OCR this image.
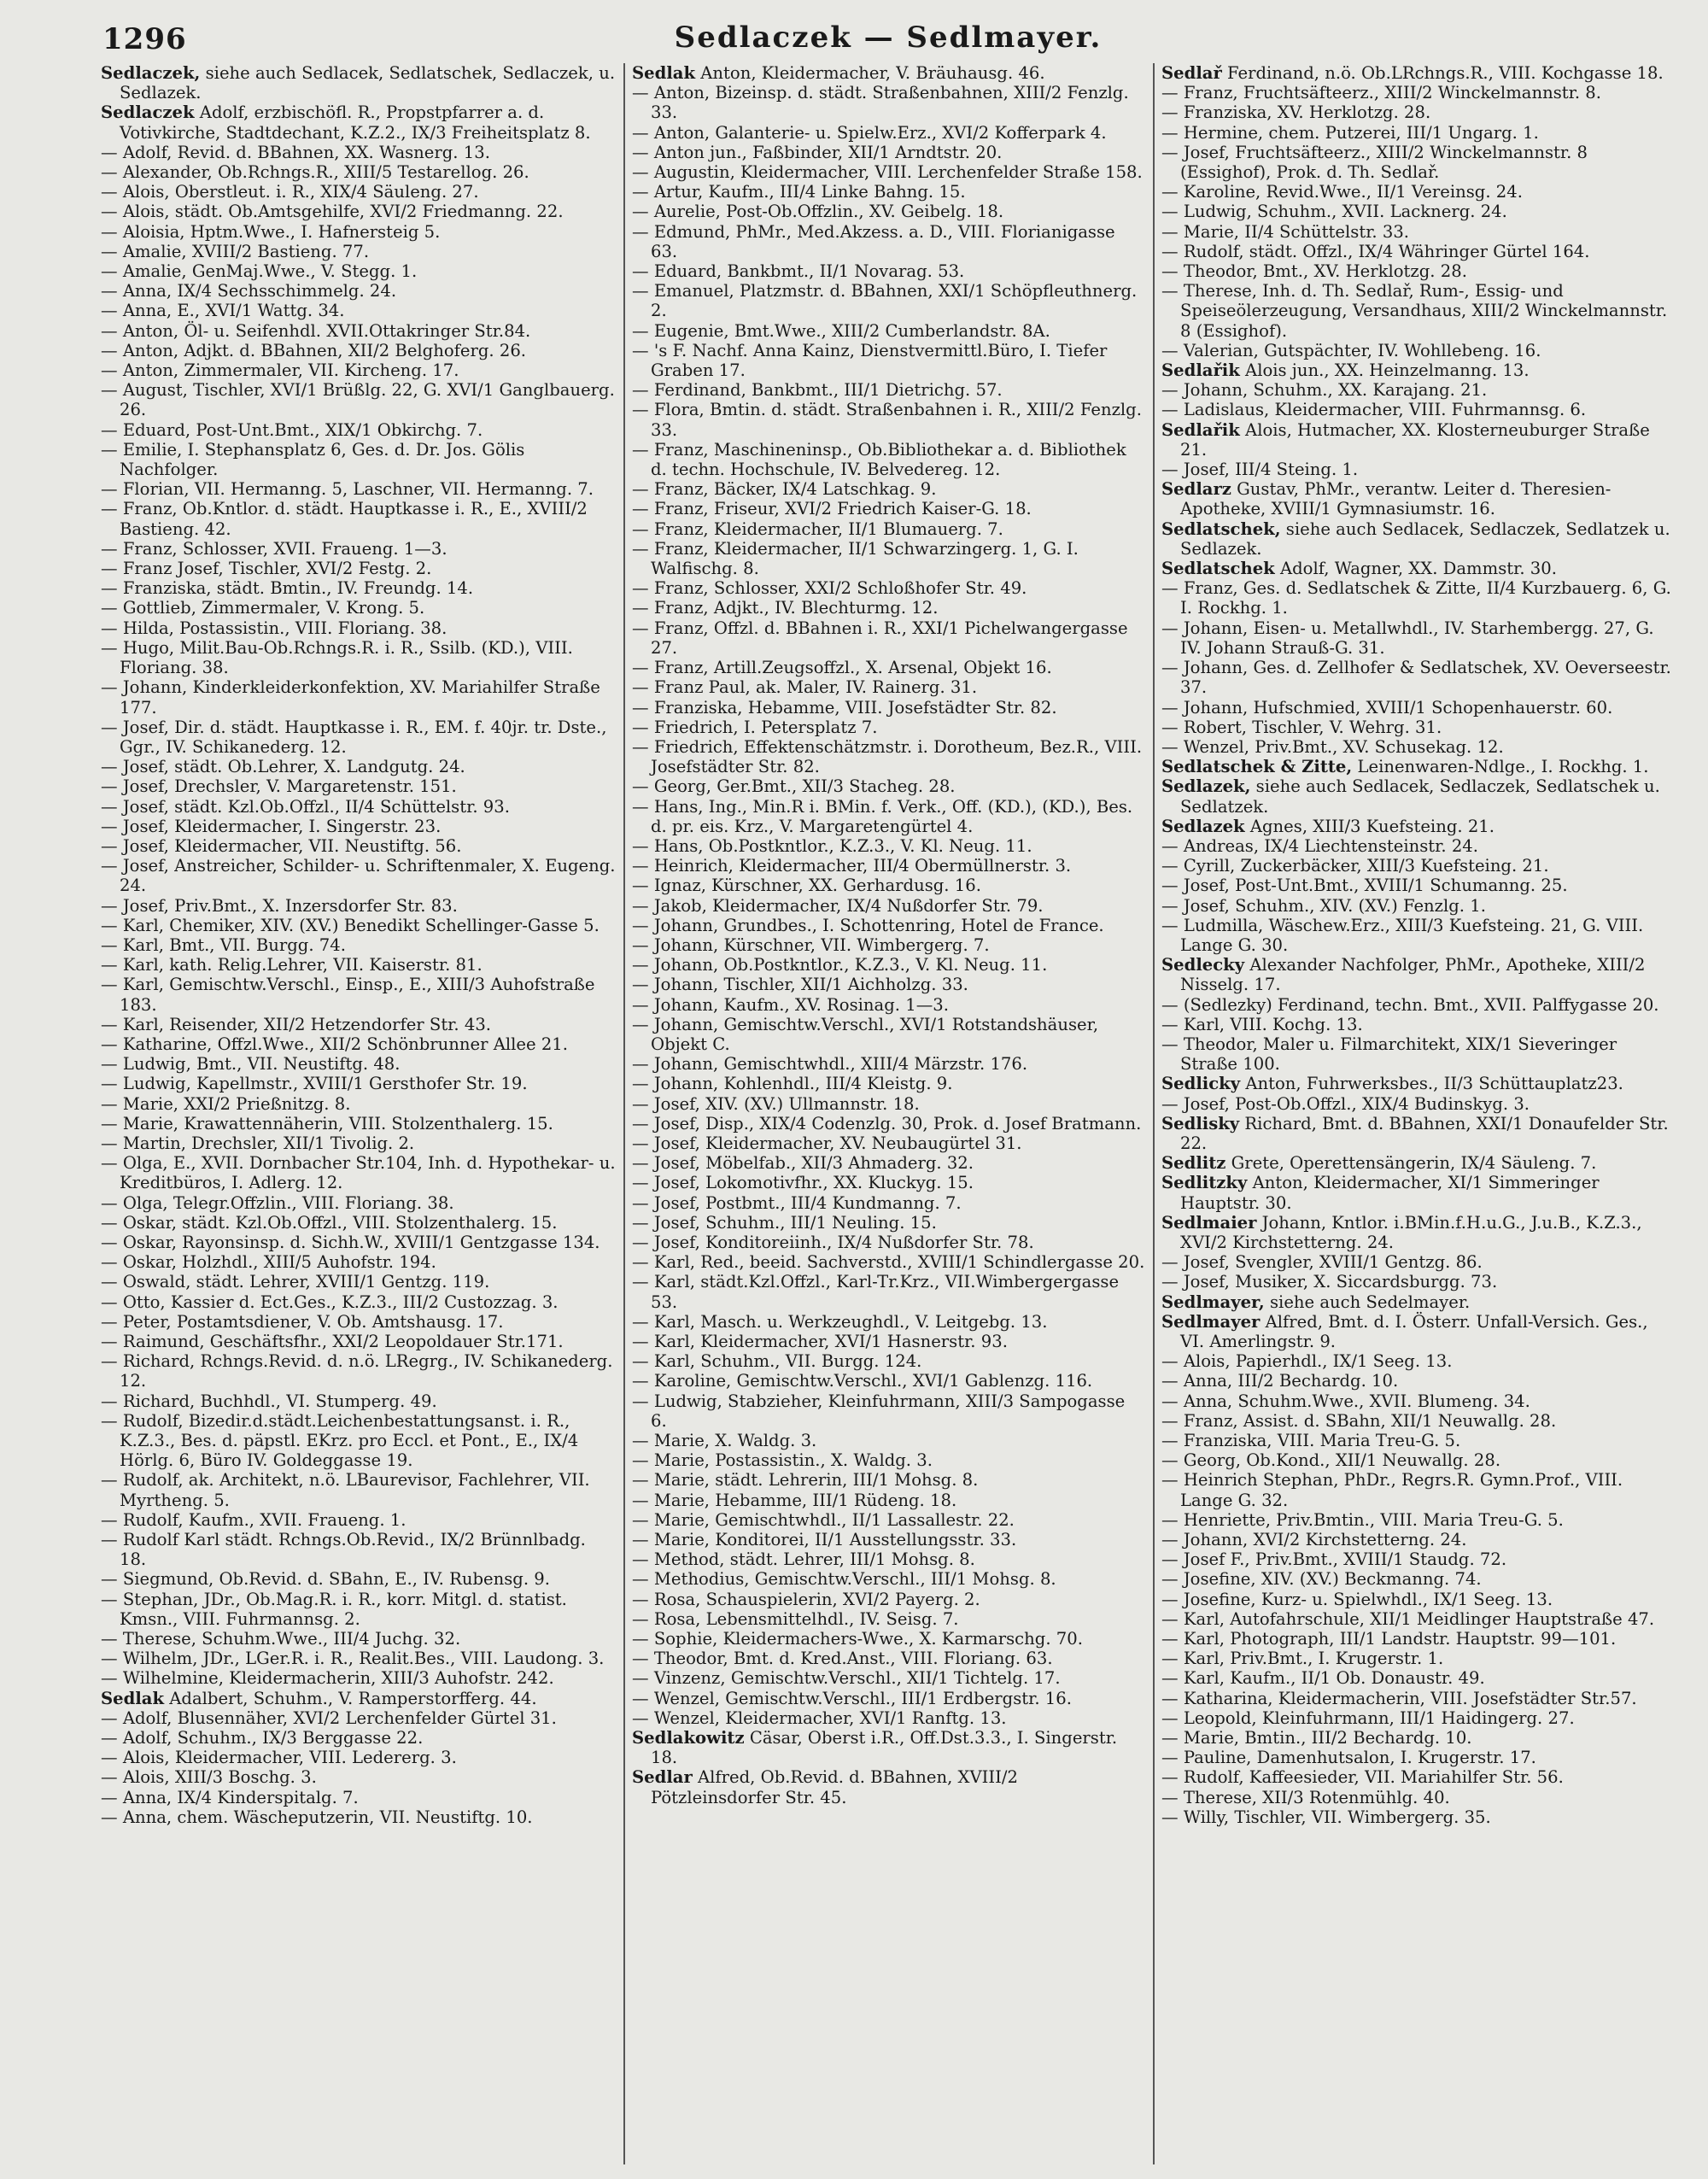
1296	Sedlaczek — Sedlmayer.

Sedlaczek, siehe auch Sedlacek, Sedlatschek, Sedlaczek, u. Sedlazek.

Sedlaczek Adolf, erzbischöfl. R., Propstpfarrer a. d. Votivkirche, Stadtdechant, K.Z.2., IX/3 Freiheitsplatz 8.

— Adolf, Revid. d. BBahnen, XX. Wasnerg. 13.

— Alexander, Ob.Rchngs.R., XIII/5 Testarellog. 26.

— Alois, Oberstleut. i. R., XIX/4 Säuleng. 27.

— Alois, städt. Ob.Amtsgehilfe, XVI/2 Friedmanng. 22.

— Aloisia, Hptm.Wwe., I. Hafnersteig 5.

— Amalie, XVIII/2 Bastieng. 77.

— Amalie, GenMaj.Wwe., V. Stegg. 1.

— Anna, IX/4 Sechsschimmelg. 24.

— Anna, E., XVI/1 Wattg. 34.

— Anton, Öl- u. Seifenhdl. XVII.Ottakringer Str.84.

— Anton, Adjkt. d. BBahnen, XII/2 Belghoferg. 26.

— Anton, Zimmermaler, VII. Kircheng. 17.

— August, Tischler, XVI/1 Brüßlg. 22, G. XVI/1 Ganglbauerg. 26.

— Eduard, Post-Unt.Bmt., XIX/1 Obkirchg. 7.

— Emilie, I. Stephansplatz 6, Ges. d. Dr. Jos. Gölis Nachfolger.

— Florian, VII. Hermanng. 5, Laschner, VII. Hermanng. 7.

— Franz, Ob.Kntlor. d. städt. Hauptkasse i. R., E., XVIII/2 Bastieng. 42.

— Franz, Schlosser, XVII. Fraueng. 1—3.

— Franz Josef, Tischler, XVI/2 Festg. 2.

— Franziska, städt. Bmtin., IV. Freundg. 14.

— Gottlieb, Zimmermaler, V. Krong. 5.

— Hilda, Postassistin., VIII. Floriang. 38.

— Hugo, Milit.Bau-Ob.Rchngs.R. i. R., Ssilb. (KD.), VIII. Floriang. 38.

— Johann, Kinderkleiderkonfektion, XV. Mariahilfer Straße 177.

— Josef, Dir. d. städt. Hauptkasse i. R., EM. f. 40jr. tr. Dste., Ggr., IV. Schikanederg. 12.

— Josef, städt. Ob.Lehrer, X. Landgutg. 24.

— Josef, Drechsler, V. Margaretenstr. 151.

— Josef, städt. Kzl.Ob.Offzl., II/4 Schüttelstr. 93.

— Josef, Kleidermacher, I. Singerstr. 23.

— Josef, Kleidermacher, VII. Neustiftg. 56.

— Josef, Anstreicher, Schilder- u. Schriftenmaler, X. Eugeng. 24.

— Josef, Priv.Bmt., X. Inzersdorfer Str. 83.

— Karl, Chemiker, XIV. (XV.) Benedikt Schellinger-Gasse 5.

— Karl, Bmt., VII. Burgg. 74.

— Karl, kath. Relig.Lehrer, VII. Kaiserstr. 81.

— Karl, Gemischtw.Verschl., Einsp., E., XIII/3 Auhofstraße 183.

— Karl, Reisender, XII/2 Hetzendorfer Str. 43.

— Katharine, Offzl.Wwe., XII/2 Schönbrunner Allee 21.

— Ludwig, Bmt., VII. Neustiftg. 48.

— Ludwig, Kapellmstr., XVIII/1 Gersthofer Str. 19.

— Marie, XXI/2 Prießnitzg. 8.

— Marie, Krawattennäherin, VIII. Stolzenthalerg. 15.

— Martin, Drechsler, XII/1 Tivolig. 2.

— Olga, E., XVII. Dornbacher Str.104, Inh. d. Hypothekar- u. Kreditbüros, I. Adlerg. 12.

— Olga, Telegr.Offzlin., VIII. Floriang. 38.

— Oskar, städt. Kzl.Ob.Offzl., VIII. Stolzenthalerg. 15.

— Oskar, Rayonsinsp. d. Sichh.W., XVIII/1 Gentzgasse 134.

— Oskar, Holzhdl., XIII/5 Auhofstr. 194.

— Oswald, städt. Lehrer, XVIII/1 Gentzg. 119.

— Otto, Kassier d. Ect.Ges., K.Z.3., III/2 Custozzag. 3.

— Peter, Postamtsdiener, V. Ob. Amtshausg. 17.

— Raimund, Geschäftsfhr., XXI/2 Leopoldauer Str.171.

— Richard, Rchngs.Revid. d. n.ö. LRegrg., IV. Schikanederg. 12.

— Richard, Buchhdl., VI. Stumperg. 49.

— Rudolf, Bizedir.d.städt.Leichenbestattungsanst. i. R., K.Z.3., Bes. d. päpstl. EKrz. pro Eccl. et Pont., E., IX/4 Hörlg. 6, Büro IV. Goldeggasse 19.

— Rudolf, ak. Architekt, n.ö. LBaurevisor, Fachlehrer, VII. Myrtheng. 5.

— Rudolf, Kaufm., XVII. Fraueng. 1.

— Rudolf Karl städt. Rchngs.Ob.Revid., IX/2 Brünnlbadg. 18.

— Siegmund, Ob.Revid. d. SBahn, E., IV. Rubensg. 9.

— Stephan, JDr., Ob.Mag.R. i. R., korr. Mitgl. d. statist. Kmsn., VIII. Fuhrmannsg. 2.

— Therese, Schuhm.Wwe., III/4 Juchg. 32.

— Wilhelm, JDr., LGer.R. i. R., Realit.Bes., VIII. Laudong. 3.

— Wilhelmine, Kleidermacherin, XIII/3 Auhofstr. 242.

Sedlak Adalbert, Schuhm., V. Ramperstorfferg. 44.

— Adolf, Blusennäher, XVI/2 Lerchenfelder Gürtel 31.

— Adolf, Schuhm., IX/3 Berggasse 22.

— Alois, Kleidermacher, VIII. Ledererg. 3.

— Alois, XIII/3 Boschg. 3.

— Anna, IX/4 Kinderspitalg. 7.

— Anna, chem. Wäscheputzerin, VII. Neustiftg. 10.

Sedlak Anton, Kleidermacher, V. Bräuhausg. 46.

— Anton, Bizeinsp. d. städt. Straßenbahnen, XIII/2 Fenzlg. 33.

— Anton, Galanterie- u. Spielw.Erz., XVI/2 Kofferpark 4.

— Anton jun., Faßbinder, XII/1 Arndtstr. 20.

— Augustin, Kleidermacher, VIII. Lerchenfelder Straße 158.

— Artur, Kaufm., III/4 Linke Bahng. 15.

— Aurelie, Post-Ob.Offzlin., XV. Geibelg. 18.

— Edmund, PhMr., Med.Akzess. a. D., VIII. Florianigasse 63.

— Eduard, Bankbmt., II/1 Novarag. 53.

— Emanuel, Platzmstr. d. BBahnen, XXI/1 Schöpfleuthnerg. 2.

— Eugenie, Bmt.Wwe., XIII/2 Cumberlandstr. 8A.

— 's F. Nachf. Anna Kainz, Dienstvermittl.Büro, I. Tiefer Graben 17.

— Ferdinand, Bankbmt., III/1 Dietrichg. 57.

— Flora, Bmtin. d. städt. Straßenbahnen i. R., XIII/2 Fenzlg. 33.

— Franz, Maschineninsp., Ob.Bibliothekar a. d. Bibliothek d. techn. Hochschule, IV. Belvedereg. 12.

— Franz, Bäcker, IX/4 Latschkag. 9.

— Franz, Friseur, XVI/2 Friedrich Kaiser-G. 18.

— Franz, Kleidermacher, II/1 Blumauerg. 7.

— Franz, Kleidermacher, II/1 Schwarzingerg. 1, G. I. Walfischg. 8.

— Franz, Schlosser, XXI/2 Schloßhofer Str. 49.

— Franz, Adjkt., IV. Blechturmg. 12.

— Franz, Offzl. d. BBahnen i. R., XXI/1 Pichelwangergasse 27.

— Franz, Artill.Zeugsoffzl., X. Arsenal, Objekt 16.

— Franz Paul, ak. Maler, IV. Rainerg. 31.

— Franziska, Hebamme, VIII. Josefstädter Str. 82.

— Friedrich, I. Petersplatz 7.

— Friedrich, Effektenschätzmstr. i. Dorotheum, Bez.R., VIII. Josefstädter Str. 82.

— Georg, Ger.Bmt., XII/3 Stacheg. 28.

— Hans, Ing., Min.R i. BMin. f. Verk., Off. (KD.), (KD.), Bes. d. pr. eis. Krz., V. Margaretengürtel 4.

— Hans, Ob.Postkntlor., K.Z.3., V. Kl. Neug. 11.

— Heinrich, Kleidermacher, III/4 Obermüllnerstr. 3.

— Ignaz, Kürschner, XX. Gerhardusg. 16.

— Jakob, Kleidermacher, IX/4 Nußdorfer Str. 79.

— Johann, Grundbes., I. Schottenring, Hotel de France.

— Johann, Kürschner, VII. Wimbergerg. 7.

— Johann, Ob.Postkntlor., K.Z.3., V. Kl. Neug. 11.

— Johann, Tischler, XII/1 Aichholzg. 33.

— Johann, Kaufm., XV. Rosinag. 1—3.

— Johann, Gemischtw.Verschl., XVI/1 Rotstandshäuser, Objekt C.

— Johann, Gemischtwhdl., XIII/4 Märzstr. 176.

— Johann, Kohlenhdl., III/4 Kleistg. 9.

— Josef, XIV. (XV.) Ullmannstr. 18.

— Josef, Disp., XIX/4 Codenzlg. 30, Prok. d. Josef Bratmann.

— Josef, Kleidermacher, XV. Neubaugürtel 31.

— Josef, Möbelfab., XII/3 Ahmaderg. 32.

— Josef, Lokomotivfhr., XX. Kluckyg. 15.

— Josef, Postbmt., III/4 Kundmanng. 7.

— Josef, Schuhm., III/1 Neuling. 15.

— Josef, Konditoreiinh., IX/4 Nußdorfer Str. 78.

— Karl, Red., beeid. Sachverstd., XVIII/1 Schindlergasse 20.

— Karl, städt.Kzl.Offzl., Karl-Tr.Krz., VII.Wimbergergasse 53.

— Karl, Masch. u. Werkzeughdl., V. Leitgebg. 13.

— Karl, Kleidermacher, XVI/1 Hasnerstr. 93.

— Karl, Schuhm., VII. Burgg. 124.

— Karoline, Gemischtw.Verschl., XVI/1 Gablenzg. 116.

— Ludwig, Stabzieher, Kleinfuhrmann, XIII/3 Sampogasse 6.

— Marie, X. Waldg. 3.

— Marie, Postassistin., X. Waldg. 3.

— Marie, städt. Lehrerin, III/1 Mohsg. 8.

— Marie, Hebamme, III/1 Rüdeng. 18.

— Marie, Gemischtwhdl., II/1 Lassallestr. 22.

— Marie, Konditorei, II/1 Ausstellungsstr. 33.

— Method, städt. Lehrer, III/1 Mohsg. 8.

— Methodius, Gemischtw.Verschl., III/1 Mohsg. 8.

— Rosa, Schauspielerin, XVI/2 Payerg. 2.

— Rosa, Lebensmittelhdl., IV. Seisg. 7.

— Sophie, Kleidermachers-Wwe., X. Karmarschg. 70.

— Theodor, Bmt. d. Kred.Anst., VIII. Floriang. 63.

— Vinzenz, Gemischtw.Verschl., XII/1 Tichtelg. 17.

— Wenzel, Gemischtw.Verschl., III/1 Erdbergstr. 16.

— Wenzel, Kleidermacher, XVI/1 Ranftg. 13.

Sedlakowitz Cäsar, Oberst i.R., Off.Dst.3.3., I. Singerstr. 18.

Sedlar Alfred, Ob.Revid. d. BBahnen, XVIII/2 Pötzleinsdorfer Str. 45.

Sedlař Ferdinand, n.ö. Ob.LRchngs.R., VIII. Kochgasse 18.

— Franz, Fruchtsäfteerz., XIII/2 Winckelmannstr. 8.

— Franziska, XV. Herklotzg. 28.

— Hermine, chem. Putzerei, III/1 Ungarg. 1.

— Josef, Fruchtsäfteerz., XIII/2 Winckelmannstr. 8 (Essighof), Prok. d. Th. Sedlař.

— Karoline, Revid.Wwe., II/1 Vereinsg. 24.

— Ludwig, Schuhm., XVII. Lacknerg. 24.

— Marie, II/4 Schüttelstr. 33.

— Rudolf, städt. Offzl., IX/4 Währinger Gürtel 164.

— Theodor, Bmt., XV. Herklotzg. 28.

— Therese, Inh. d. Th. Sedlař, Rum-, Essig- und Speiseölerzeugung, Versandhaus, XIII/2 Winckelmannstr. 8 (Essighof).

— Valerian, Gutspächter, IV. Wohllebeng. 16.

Sedlařik Alois jun., XX. Heinzelmanng. 13.

— Johann, Schuhm., XX. Karajang. 21.

— Ladislaus, Kleidermacher, VIII. Fuhrmannsg. 6.

Sedlařik Alois, Hutmacher, XX. Klosterneuburger Straße 21.

— Josef, III/4 Steing. 1.

Sedlarz Gustav, PhMr., verantw. Leiter d. Theresien-Apotheke, XVIII/1 Gymnasiumstr. 16.

Sedlatschek, siehe auch Sedlacek, Sedlaczek, Sedlatzek u. Sedlazek.

Sedlatschek Adolf, Wagner, XX. Dammstr. 30.

— Franz, Ges. d. Sedlatschek & Zitte, II/4 Kurzbauerg. 6, G. I. Rockhg. 1.

— Johann, Eisen- u. Metallwhdl., IV. Starhembergg. 27, G. IV. Johann Strauß-G. 31.

— Johann, Ges. d. Zellhofer & Sedlatschek, XV. Oeverseestr. 37.

— Johann, Hufschmied, XVIII/1 Schopenhauerstr. 60.

— Robert, Tischler, V. Wehrg. 31.

— Wenzel, Priv.Bmt., XV. Schusekag. 12.

Sedlatschek & Zitte, Leinenwaren-Ndlge., I. Rockhg. 1.

Sedlazek, siehe auch Sedlacek, Sedlaczek, Sedlatschek u. Sedlatzek.

Sedlazek Agnes, XIII/3 Kuefsteing. 21.

— Andreas, IX/4 Liechtensteinstr. 24.

— Cyrill, Zuckerbäcker, XIII/3 Kuefsteing. 21.

— Josef, Post-Unt.Bmt., XVIII/1 Schumanng. 25.

— Josef, Schuhm., XIV. (XV.) Fenzlg. 1.

— Ludmilla, Wäschew.Erz., XIII/3 Kuefsteing. 21, G. VIII. Lange G. 30.

Sedlecky Alexander Nachfolger, PhMr., Apotheke, XIII/2 Nisselg. 17.

— (Sedlezky) Ferdinand, techn. Bmt., XVII. Palffygasse 20.

— Karl, VIII. Kochg. 13.

— Theodor, Maler u. Filmarchitekt, XIX/1 Sieveringer Straße 100.

Sedlicky Anton, Fuhrwerksbes., II/3 Schüttauplatz23.

— Josef, Post-Ob.Offzl., XIX/4 Budinskyg. 3.

Sedlisky Richard, Bmt. d. BBahnen, XXI/1 Donaufelder Str. 22.

Sedlitz Grete, Operettensängerin, IX/4 Säuleng. 7.

Sedlitzky Anton, Kleidermacher, XI/1 Simmeringer Hauptstr. 30.

Sedlmaier Johann, Kntlor. i.BMin.f.H.u.G., J.u.B., K.Z.3., XVI/2 Kirchstetterng. 24.

— Josef, Svengler, XVIII/1 Gentzg. 86.

— Josef, Musiker, X. Siccardsburgg. 73.

Sedlmayer, siehe auch Sedelmayer.

Sedlmayer Alfred, Bmt. d. I. Österr. Unfall-Versich. Ges., VI. Amerlingstr. 9.

— Alois, Papierhdl., IX/1 Seeg. 13.

— Anna, III/2 Bechardg. 10.

— Anna, Schuhm.Wwe., XVII. Blumeng. 34.

— Franz, Assist. d. SBahn, XII/1 Neuwallg. 28.

— Franziska, VIII. Maria Treu-G. 5.

— Georg, Ob.Kond., XII/1 Neuwallg. 28.

— Heinrich Stephan, PhDr., Regrs.R. Gymn.Prof., VIII. Lange G. 32.

— Henriette, Priv.Bmtin., VIII. Maria Treu-G. 5.

— Johann, XVI/2 Kirchstetterng. 24.

— Josef F., Priv.Bmt., XVIII/1 Staudg. 72.

— Josefine, XIV. (XV.) Beckmanng. 74.

— Josefine, Kurz- u. Spielwhdl., IX/1 Seeg. 13.

— Karl, Autofahrschule, XII/1 Meidlinger Hauptstraße 47.

— Karl, Photograph, III/1 Landstr. Hauptstr. 99—101.

— Karl, Priv.Bmt., I. Krugerstr. 1.

— Karl, Kaufm., II/1 Ob. Donaustr. 49.

— Katharina, Kleidermacherin, VIII. Josefstädter Str.57.

— Leopold, Kleinfuhrmann, III/1 Haidingerg. 27.

— Marie, Bmtin., III/2 Bechardg. 10.

— Pauline, Damenhutsalon, I. Krugerstr. 17.

— Rudolf, Kaffeesieder, VII. Mariahilfer Str. 56.

— Therese, XII/3 Rotenmühlg. 40.

— Willy, Tischler, VII. Wimbergerg. 35.
